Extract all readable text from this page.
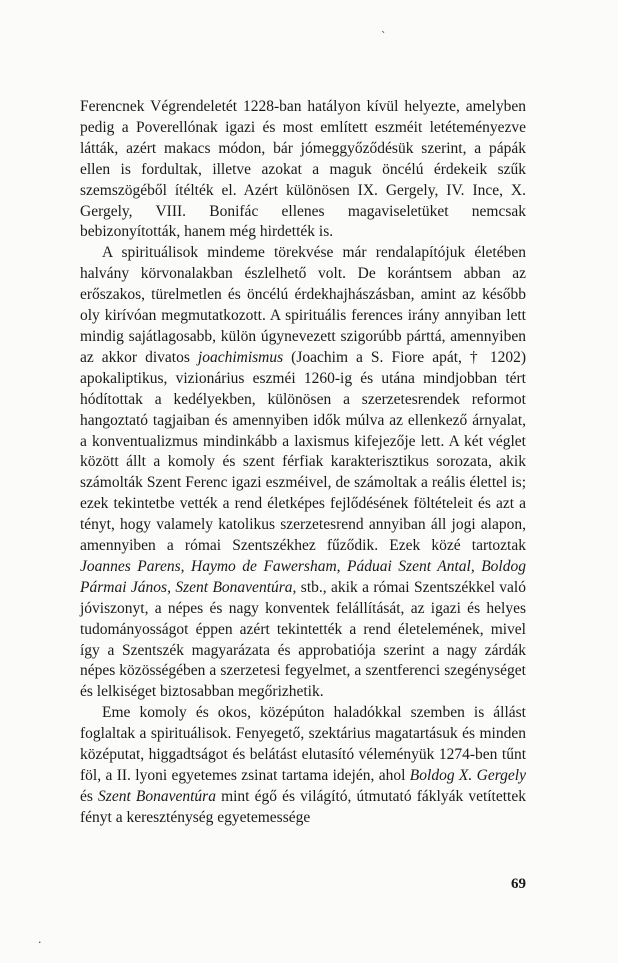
ˋ
·

Ferencnek Végrendeletét 1228-ban hatályon kívül helyezte, amelyben pedig a Poverellónak igazi és most említett eszméit letéteményezve látták, azért makacs módon, bár jómeggyőződésük szerint, a pápák ellen is fordultak, illetve azokat a maguk öncélú érdekeik szűk szemszögéből ítélték el. Azért különösen IX. Gergely, IV. Ince, X. Gergely, VIII. Bonifác ellenes magaviseletüket nemcsak bebizonyították, hanem még hirdették is.

A spirituálisok mindeme törekvése már rendalapítójuk életében halvány körvonalakban észlelhető volt. De korántsem abban az erőszakos, türelmetlen és öncélú érdekhajhászásban, amint az később oly kirívóan megmutatkozott. A spirituális ferences irány annyiban lett mindig sajátlagosabb, külön úgynevezett szigorúbb párttá, amennyiben az akkor divatos joachimismus (Joachim a S. Fiore apát, † 1202) apokaliptikus, vizionárius eszméi 1260-ig és utána mindjobban tért hódítottak a kedélyekben, különösen a szerzetesrendek reformot hangoztató tagjaiban és amennyiben idők múlva az ellenkező árnyalat, a konventualizmus mindinkább a laxismus kifejezője lett. A két véglet között állt a komoly és szent férfiak karakterisztikus sorozata, akik számolták Szent Ferenc igazi eszméivel, de számoltak a reális élettel is; ezek tekintetbe vették a rend életképes fejlődésének föltételeit és azt a tényt, hogy valamely katolikus szerzetesrend annyiban áll jogi alapon, amennyiben a római Szentszékhez fűződik. Ezek közé tartoztak Joannes Parens, Haymo de Fawersham, Páduai Szent Antal, Boldog Pármai János, Szent Bonaventúra, stb., akik a római Szentszékkel való jóviszonyt, a népes és nagy konventek felállítását, az igazi és helyes tudományosságot éppen azért tekintették a rend életelemének, mivel így a Szentszék magyarázata és approbatiója szerint a nagy zárdák népes közösségében a szerzetesi fegyelmet, a szentferenci szegénységet és lelkiséget biztosabban megőrizhetik.

Eme komoly és okos, középúton haladókkal szemben is állást foglaltak a spirituálisok. Fenyegető, szektárius magatartásuk és minden középutat, higgadtságot és belátást elutasító véleményük 1274-ben tűnt föl, a II. lyoni egyetemes zsinat tartama idején, ahol Boldog X. Gergely és Szent Bonaventúra mint égő és világító, útmutató fáklyák vetítettek fényt a kereszténység egyetemessége

69
